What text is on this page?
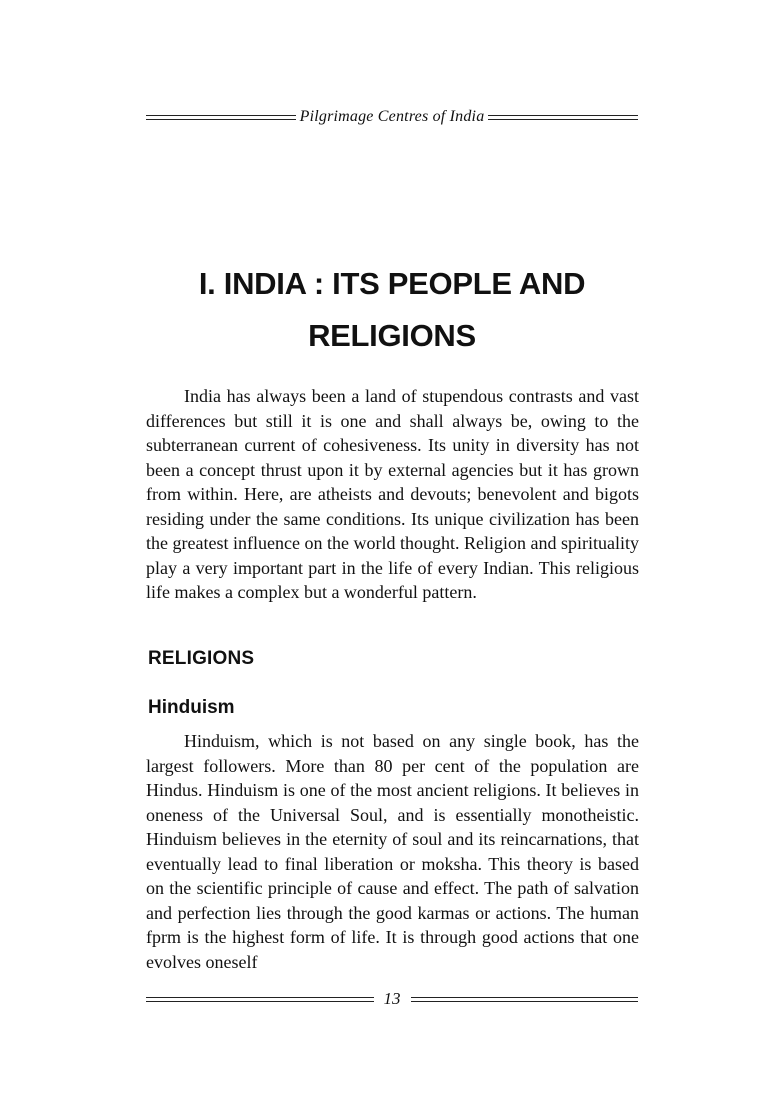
Pilgrimage Centres of India
I. INDIA : ITS PEOPLE AND
RELIGIONS

India has always been a land of stupendous contrasts and vast differences but still it is one and shall always be, owing to the subterranean current of cohesiveness. Its unity in diversity has not been a concept thrust upon it by external agencies but it has grown from within. Here, are atheists and devouts; benevolent and bigots residing under the same conditions. Its unique civilization has been the greatest influence on the world thought. Religion and spirituality play a very important part in the life of every Indian. This religious life makes a complex but a wonderful pattern.

RELIGIONS
Hinduism

Hinduism, which is not based on any single book, has the largest followers. More than 80 per cent of the population are Hindus. Hinduism is one of the most ancient religions. It believes in oneness of the Universal Soul, and is essentially monotheistic. Hinduism believes in the eternity of soul and its reincarnations, that eventually lead to final liberation or moksha. This theory is based on the scientific principle of cause and effect. The path of salvation and perfection lies through the good karmas or actions. The human fprm is the highest form of life. It is through good actions that one evolves oneself

13
